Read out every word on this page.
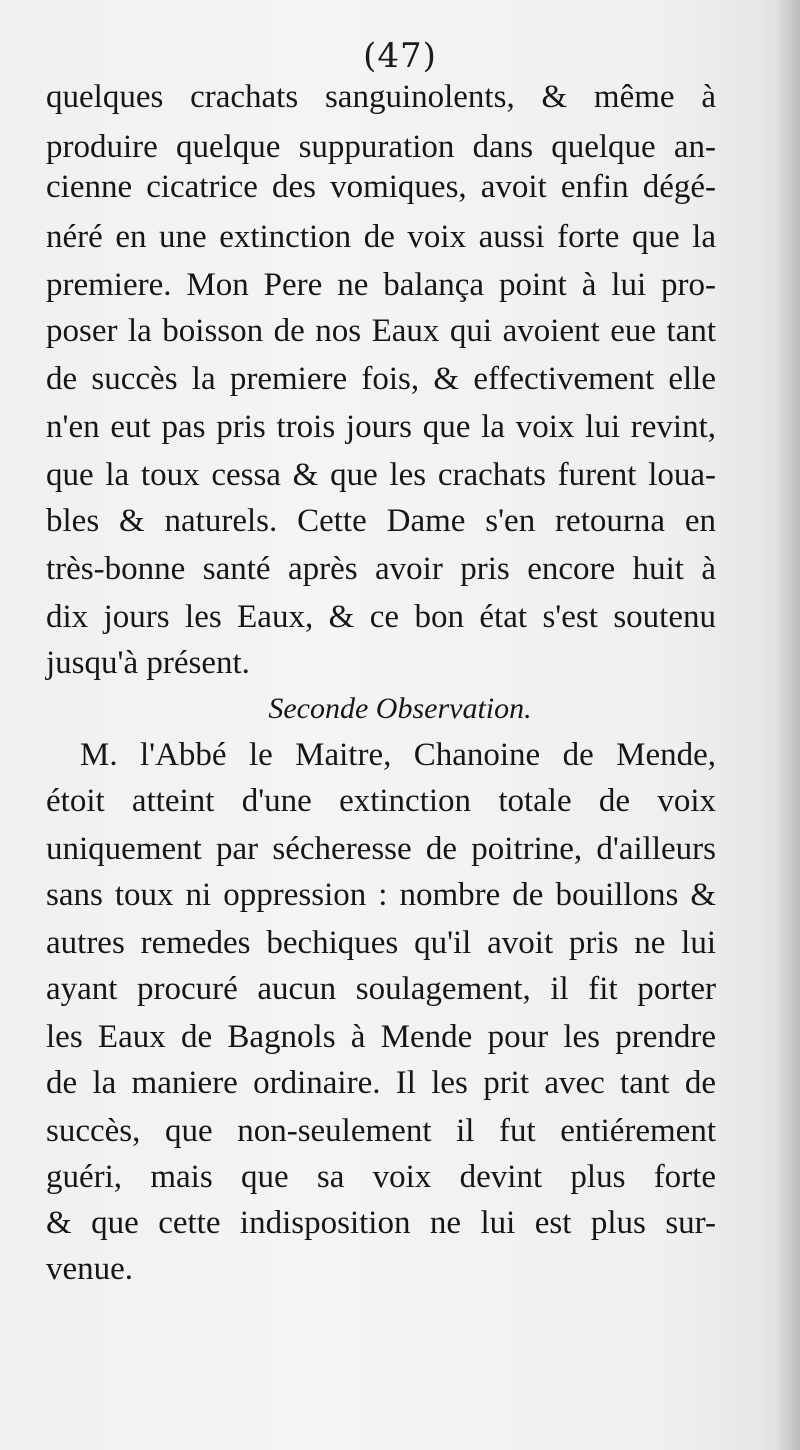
(47)
quelques crachats sanguinolents, & même à
produire quelque suppuration dans quelque an-
cienne cicatrice des vomiques, avoit enfin dégé-
néré en une extinction de voix aussi forte que la
premiere. Mon Pere ne balança point à lui pro-
poser la boisson de nos Eaux qui avoient eue tant
de succès la premiere fois, & effectivement elle
n'en eut pas pris trois jours que la voix lui revint,
que la toux cessa & que les crachats furent loua-
bles & naturels. Cette Dame s'en retourna en
très-bonne santé après avoir pris encore huit à
dix jours les Eaux, & ce bon état s'est soutenu
jusqu'à présent.
M. l'Abbé le Maitre, Chanoine de Mende,
étoit atteint d'une extinction totale de voix
uniquement par sécheresse de poitrine, d'ailleurs
sans toux ni oppression : nombre de bouillons &
autres remedes bechiques qu'il avoit pris ne lui
ayant procuré aucun soulagement, il fit porter
les Eaux de Bagnols à Mende pour les prendre
de la maniere ordinaire. Il les prit avec tant de
succès, que non-seulement il fut entiérement
guéri, mais que sa voix devint plus forte
& que cette indisposition ne lui est plus sur-
venue.
Seconde Observation.
